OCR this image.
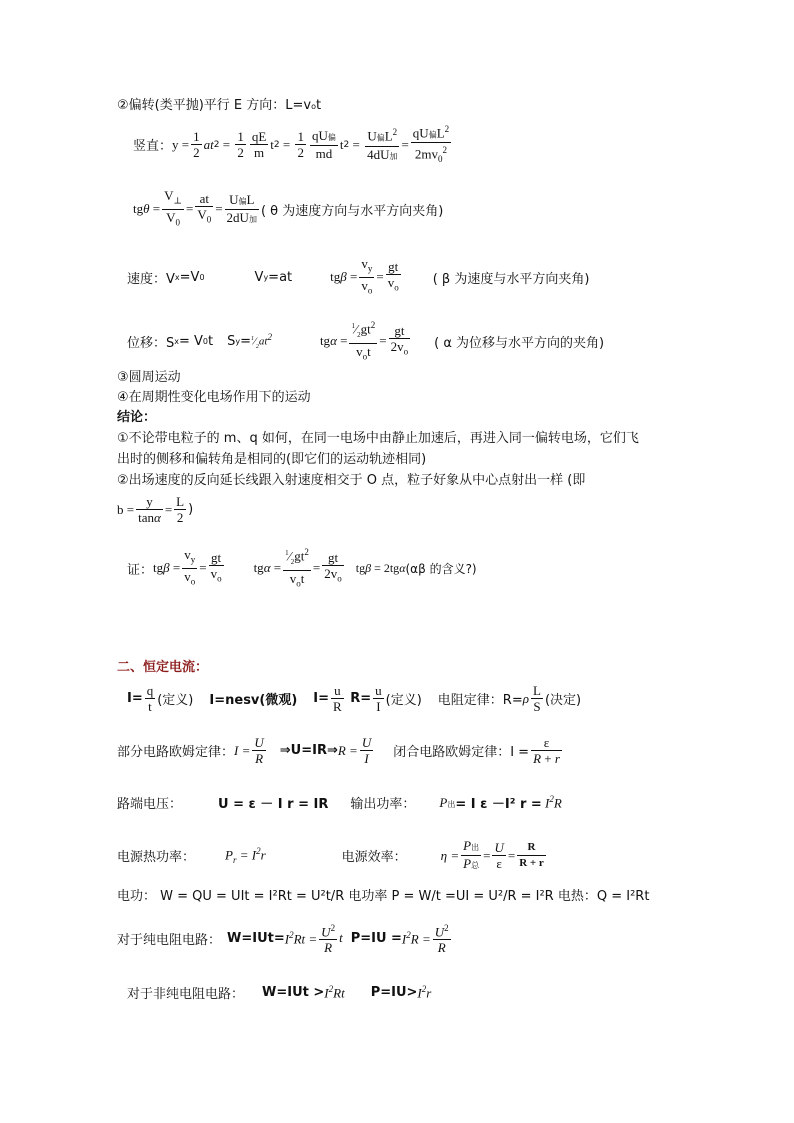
②偏转(类平抛)平行 E 方向：L=vot
竖直： $y = \frac{1}{2}$ at $2 = \frac{1}{2}$ qE
m
t $2 = \frac{1}{2}$ qU偏
md
t 2 =
U偏$L^2$
4dU加
=
qU偏$L^2$
$2mv_0^2$
$tg\theta = \frac{V_\perp}{V_0} = \frac{at}{V_0}$ =
U偏L
2dU加
( θ 为速度方向与水平方向夹角)
速度：V x =V 0	V y =at	$tg\beta = \frac{v_y}{v_o} = \frac{gt}{v_o}$ ( β 为速度与水平方向夹角)
位移：S x = V 0 t S $y = ^1⁄_2at^2$	tgα =
$^1⁄_2gt^2$
$v_ot$
= $\frac{gt}{2v_o}$ ( α 为位移与水平方向的夹角)
③圆周运动
④在周期性变化电场作用下的运动
结论：
①不论带电粒子的 m、q 如何，在同一电场中由静止加速后，再进入同一偏转电场，它们飞
出时的侧移和偏转角是相同的(即它们的运动轨迹相同)
②出场速度的反向延长线跟入射速度相交于 O 点，粒子好象从中心点射出一样 (即
$b = \frac{y}{\tan\alpha} = \frac{L}{2}$ )
证： $tg\beta = \frac{v_y}{v_o} = \frac{gt}{v_o}$ tgα =
$^1⁄_2gt^2$
$v_ot$
= $\frac{gt}{2v_o}$ tgβ = 2tgα (αβ 的含义?)
二、恒定电流：
$I= \frac{q}{t}$ (定义) I=nesv(微观) $I= \frac{u}{R} R= \frac{u}{I}$ (定义) 电阻定律：R= ρ L
S (决定)
部分电路欧姆定律： $I = \frac{U}{R}$ ⇒U=IR⇒ $R = \frac{U}{I}$ 闭合电路欧姆定律：$I = \frac{\varepsilon}{R + r}$
路端电压：	U = ε － I r = IR 输出功率： P出 = I ε －I² $r = I^2R$
电源热功率： $P_r = I^2r$	电源效率：	η =
P出
P总
= $\frac{U}{\varepsilon} = \frac{R}{R + r}$
电功： W = QU = UIt = I²Rt = U²t/R 电功率 P = W/t =UI = U²/R = I²R 电热：Q = I²Rt
对于纯电阻电路： $W=IUt= I^2Rt = \frac{U^2}{R}$ t $P=IU = I^2R = \frac{U^2}{R}$
对于非纯电阻电路： $W=IUt > I^2Rt$ $P=IU> I^2r$
